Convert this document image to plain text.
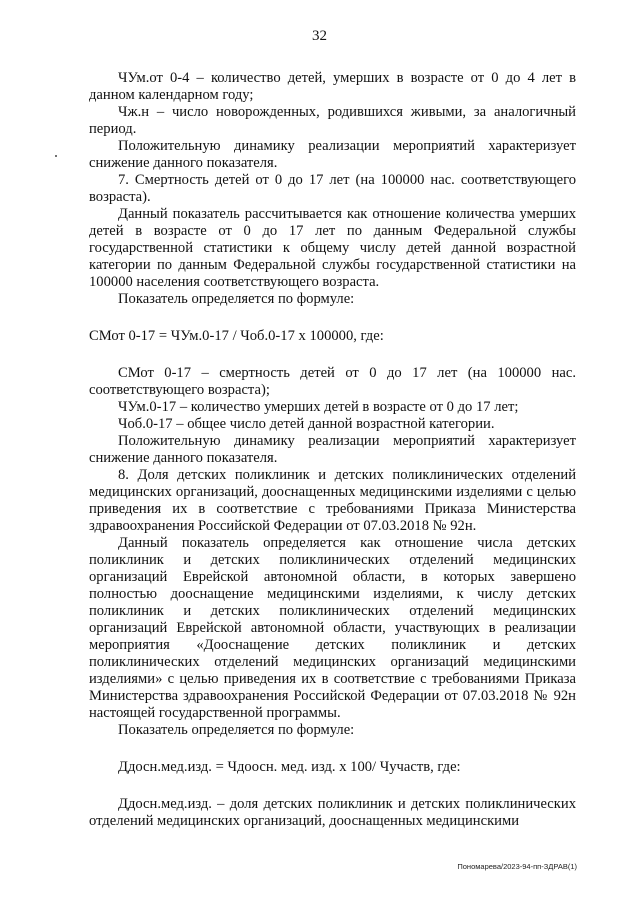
32

ЧУм.от 0-4 – количество детей, умерших в возрасте от 0 до 4 лет в данном календарном году;

Чж.н – число новорожденных, родившихся живыми, за аналогичный период.

Положительную динамику реализации мероприятий характеризует снижение данного показателя.

7. Смертность детей от 0 до 17 лет (на 100000 нас. соответствующего возраста).

Данный показатель рассчитывается как отношение количества умерших детей в возрасте от 0 до 17 лет по данным Федеральной службы государственной статистики к общему числу детей данной возрастной категории по данным Федеральной службы государственной статистики на 100000 населения соответствующего возраста.

Показатель определяется по формуле:

СМот 0-17 = ЧУм.0-17 / Чоб.0-17 х 100000, где:

СМот 0-17 – смертность детей от 0 до 17 лет (на 100000 нас. соответствующего возраста);

ЧУм.0-17 – количество умерших детей в возрасте от 0 до 17 лет;

Чоб.0-17 – общее число детей данной возрастной категории.

Положительную динамику реализации мероприятий характеризует снижение данного показателя.

8. Доля детских поликлиник и детских поликлинических отделений медицинских организаций, дооснащенных медицинскими изделиями с целью приведения их в соответствие с требованиями Приказа Министерства здравоохранения Российской Федерации от 07.03.2018 № 92н.

Данный показатель определяется как отношение числа детских поликлиник и детских поликлинических отделений медицинских организаций Еврейской автономной области, в которых завершено полностью дооснащение медицинскими изделиями, к числу детских поликлиник и детских поликлинических отделений медицинских организаций Еврейской автономной области, участвующих в реализации мероприятия «Дооснащение детских поликлиник и детских поликлинических отделений медицинских организаций медицинскими изделиями» с целью приведения их в соответствие с требованиями Приказа Министерства здравоохранения Российской Федерации от 07.03.2018 № 92н настоящей государственной программы.

Показатель определяется по формуле:

Ддосн.мед.изд. = Чдоосн. мед. изд. х 100/ Чучаств, где:

Ддосн.мед.изд. – доля детских поликлиник и детских поликлинических отделений медицинских организаций, дооснащенных медицинскими

Пономарева/2023-94-пп-ЗДРАВ(1)
